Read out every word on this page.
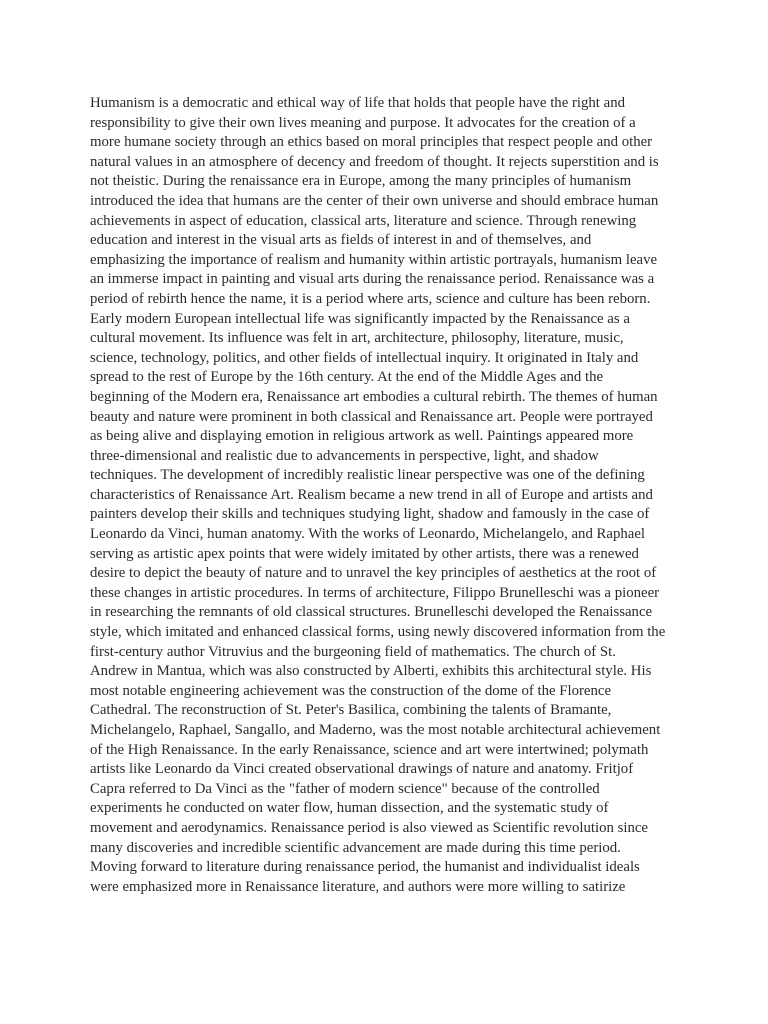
Humanism is a democratic and ethical way of life that holds that people have the right and
responsibility to give their own lives meaning and purpose. It advocates for the creation of a
more humane society through an ethics based on moral principles that respect people and other
natural values in an atmosphere of decency and freedom of thought. It rejects superstition and is
not theistic. During the renaissance era in Europe, among the many principles of humanism
introduced the idea that humans are the center of their own universe and should embrace human
achievements in aspect of education, classical arts, literature and science. Through renewing
education and interest in the visual arts as fields of interest in and of themselves, and
emphasizing the importance of realism and humanity within artistic portrayals, humanism leave
an immerse impact in painting and visual arts during the renaissance period. Renaissance was a
period of rebirth hence the name, it is a period where arts, science and culture has been reborn.
Early modern European intellectual life was significantly impacted by the Renaissance as a
cultural movement. Its influence was felt in art, architecture, philosophy, literature, music,
science, technology, politics, and other fields of intellectual inquiry. It originated in Italy and
spread to the rest of Europe by the 16th century. At the end of the Middle Ages and the
beginning of the Modern era, Renaissance art embodies a cultural rebirth. The themes of human
beauty and nature were prominent in both classical and Renaissance art. People were portrayed
as being alive and displaying emotion in religious artwork as well. Paintings appeared more
three-dimensional and realistic due to advancements in perspective, light, and shadow
techniques. The development of incredibly realistic linear perspective was one of the defining
characteristics of Renaissance Art. Realism became a new trend in all of Europe and artists and
painters develop their skills and techniques studying light, shadow and famously in the case of
Leonardo da Vinci, human anatomy. With the works of Leonardo, Michelangelo, and Raphael
serving as artistic apex points that were widely imitated by other artists, there was a renewed
desire to depict the beauty of nature and to unravel the key principles of aesthetics at the root of
these changes in artistic procedures. In terms of architecture, Filippo Brunelleschi was a pioneer
in researching the remnants of old classical structures. Brunelleschi developed the Renaissance
style, which imitated and enhanced classical forms, using newly discovered information from the
first-century author Vitruvius and the burgeoning field of mathematics. The church of St.
Andrew in Mantua, which was also constructed by Alberti, exhibits this architectural style. His
most notable engineering achievement was the construction of the dome of the Florence
Cathedral. The reconstruction of St. Peter's Basilica, combining the talents of Bramante,
Michelangelo, Raphael, Sangallo, and Maderno, was the most notable architectural achievement
of the High Renaissance. In the early Renaissance, science and art were intertwined; polymath
artists like Leonardo da Vinci created observational drawings of nature and anatomy. Fritjof
Capra referred to Da Vinci as the "father of modern science" because of the controlled
experiments he conducted on water flow, human dissection, and the systematic study of
movement and aerodynamics. Renaissance period is also viewed as Scientific revolution since
many discoveries and incredible scientific advancement are made during this time period.
Moving forward to literature during renaissance period, the humanist and individualist ideals
were emphasized more in Renaissance literature, and authors were more willing to satirize
